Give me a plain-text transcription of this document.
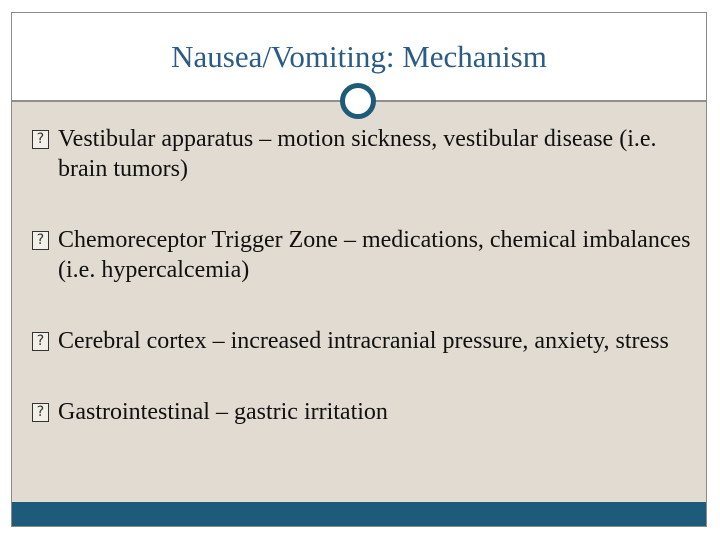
Nausea/Vomiting: Mechanism
? Vestibular apparatus – motion sickness, vestibular disease (i.e. brain tumors)
? Chemoreceptor Trigger Zone – medications, chemical imbalances (i.e. hypercalcemia)
? Cerebral cortex – increased intracranial pressure, anxiety, stress
? Gastrointestinal – gastric irritation
